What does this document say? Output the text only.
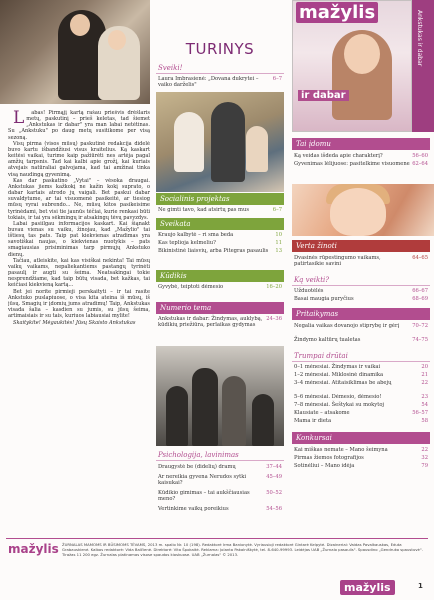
L abas! Pirmąjį kartą rašau priešvis drėšlaris metų, paskutinį – prieš keletas, tad šiemet „Ankstukas ir dabar" yra man labai netėtinas. Su „Ankstuku" po daug metų susitikome per visą sezoną.

Visų pirma (visos mūsų) paskutinė redakcija didelė buvo kartu išbandžiusi visus kraitelius. Ką kaskart keitėsi vaikai, turime kaip pažiūrėti nes artėja pagal amžių tarpsnis. Tad kai kalbi apie grožį, kai kuriais atvejais natūraliai galvojama, kad tai amžinai tinka visą naudingą gyvenimą.

Kas dar paskatino „Vytai" – vėsoka draugai. Ankstukas jiems kažkokį ne kažin kokį suprato, o dabar kartais atrodo jų vaigali. Bet paskui dabar suvaldytume, ar tai visuomenė pasikeitė, ar tiesiog mūsų vyrai subrendo... Ne, mūsų kitos pasikeisime tyrinėdami, bet visi tie jaunūs tėčiai, kurie renkasi būti tokiais, ir tai yra sėkmingų ir atsakingų tėvų pavyzdys.

Labai pasiilgau informacijos kaskart. Kai šiąnakt buvau vienas su vaiku, žinojau, kad „Mažylio" tai ištiesų tas pats. Taip pat kiekvienas atradimas yra savotiškai naujas, o kiekvienas nuotykis – pats smagiausias prisiminimas tarp pirmųjų Ankstuko dienų.

Tačiau, atleiskite, kai kas visiškai nekinta! Tai mūsų vaikų vaikams, nepaliekantiems pastangų tyrinėti pasaulį ir augti su šeima. Neatsakingai tokie nesprendžiame, kad taip būtų visada, bet kažkas, tai keičiasi kiekvieną kartą...

Bet jei norite pirmieji perskaityti – ir tai rasite Ankstuko puslapiuose, o visa kita ateina iš mūsų, iš jūsų. Smagių ir įdomių jums atradimų! Taip, Ankstukas visada šalia – kasdien su jumis, su jūsų šeima, artimaisiais ir su tais, kuriuos labiausiai mylite!

Skaitykite! Mėgaukitės! Jūsų Skaisto Ankstukas

TURINYS
Sveiki!
6–7
Laura Imbrasienė: „Dovana dukrytei – vaiko darželis"
Socialinis projektas
6–7
Ne gimti tavo, kad atsirtų pas mus
Sveikata
10
Kraujo kalbytė – ri sma beda
11
Kas teplioja kelmeliu?
13
Bikinistinė liaisvių, arba Pitegras pasaulis
Kūdikis
16–20
Gyvybė, teiptoti dėmesio
Numerio tema
24–36
Ankstukas ir dabar: Žindymas, auklybą, kūdikių priežiūra, perlaikas gydymas
Psichologija, lavinimas
37–44
Draugystė be (didelių) dramų
45–49
Ar nereikia gyvena Nerudos sytki kaisukai?
50–52
Kūdikio gimimas – tai aukščiausias meno?
54–56
Vertinkime vaikų poreikius
mažylis
ir dabar
Ankstukas ir dabar
Tai įdomu
56–60
Ką veidas išdeda apie charakterį?
62–64
Gyvenimas lėlijuose: pasitelkime visuomene
Verta žinoti
64–65
Dvasinės rūpestingumo vaikams, patirtasikie savini
Ką veikti?
66–67
Užduotėlės
68–69
Basai maugia puryčius
Pritaikymas
70–72
Negalia vaikas dovanojo stiprybę ir gėrį
74–75
Žindymo kaltūrų tualetas
Trumpai drūtai
20
0–1 mėnesiai. Žindymas ir vaikai
21
1–2 mėnesiai. Miklosinė dinamika
22
3–4 mėnesiai. Atitaisiklimas be abejų
23
5–6 mėnesiai. Dėmesio, dėmesio!
54
7–8 mėnesiai. Šeštykai su mokytoj
56–57
Klausiate – atsakome
58
Mama ir dieta
Konkursai
22
Kai miškas nemate – Mano šeimyna
32
Pirmas žiemos fotografijos
79
Sotinėliui – Mano idėja
mažylis ŽURNALAS MAMOMS IR BŪSIMOMS TĖVAMS, 2013 m. spalio Nr. 10 (198). Redaktorė Irma Banionytė. Vyriausioji redaktorė Gintarė Kelpytė. Dizaineriai: Vaidas Pavalkauskas, Eduta Grabauskienė. Kalbos redaktorė: Vida Balčienė. Direktorė: Vita Špokaitė. Reklama: Jolanta Pakalniškytė, tel. 8-640-99993. Leidėjas UAB „Žurnalo pasaulis". Spausdino „Gendruko spaustuvė". Tiražas 11 200 egz. Žurnalas platinamas visose spaudos kioskuose. UAB „Žurnalas" © 2013.
mažylis	1
